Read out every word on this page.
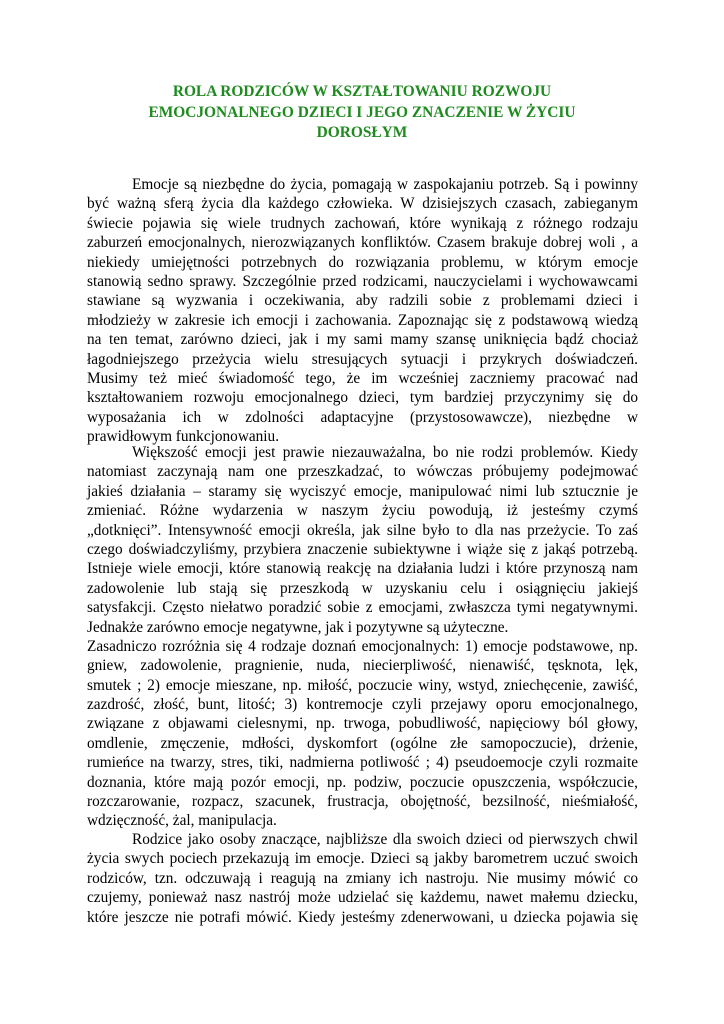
ROLA RODZICÓW W KSZTAŁTOWANIU ROZWOJU
EMOCJONALNEGO DZIECI I JEGO ZNACZENIE W ŻYCIU
DOROSŁYM
Emocje są niezbędne do życia, pomagają w zaspokajaniu potrzeb. Są i powinny
być ważną sferą życia dla każdego człowieka. W dzisiejszych czasach, zabieganym
świecie pojawia się wiele trudnych zachowań, które wynikają z różnego rodzaju
zaburzeń emocjonalnych, nierozwiązanych konfliktów. Czasem brakuje dobrej woli , a
niekiedy umiejętności potrzebnych do rozwiązania problemu, w którym emocje
stanowią sedno sprawy. Szczególnie przed rodzicami, nauczycielami i wychowawcami
stawiane są wyzwania i oczekiwania, aby radzili sobie z problemami dzieci i
młodzieży w zakresie ich emocji i zachowania. Zapoznając się z podstawową wiedzą
na ten temat, zarówno dzieci, jak i my sami mamy szansę uniknięcia bądź chociaż
łagodniejszego przeżycia wielu stresujących sytuacji i przykrych doświadczeń.
Musimy też mieć świadomość tego, że im wcześniej zaczniemy pracować nad
kształtowaniem rozwoju emocjonalnego dzieci, tym bardziej przyczynimy się do
wyposażania ich w zdolności adaptacyjne (przystosowawcze), niezbędne w
prawidłowym funkcjonowaniu.
Większość emocji jest prawie niezauważalna, bo nie rodzi problemów. Kiedy
natomiast zaczynają nam one przeszkadzać, to wówczas próbujemy podejmować
jakieś działania – staramy się wyciszyć emocje, manipulować nimi lub sztucznie je
zmieniać. Różne wydarzenia w naszym życiu powodują, iż jesteśmy czymś
„dotknięci”. Intensywność emocji określa, jak silne było to dla nas przeżycie. To zaś
czego doświadczyliśmy, przybiera znaczenie subiektywne i wiąże się z jakąś potrzebą.
Istnieje wiele emocji, które stanowią reakcję na działania ludzi i które przynoszą nam
zadowolenie lub stają się przeszkodą w uzyskaniu celu i osiągnięciu jakiejś
satysfakcji. Często niełatwo poradzić sobie z emocjami, zwłaszcza tymi negatywnymi.
Jednakże zarówno emocje negatywne, jak i pozytywne są użyteczne.
Zasadniczo rozróżnia się 4 rodzaje doznań emocjonalnych: 1) emocje podstawowe, np.
gniew, zadowolenie, pragnienie, nuda, niecierpliwość, nienawiść, tęsknota, lęk,
smutek ; 2) emocje mieszane, np. miłość, poczucie winy, wstyd, zniechęcenie, zawiść,
zazdrość, złość, bunt, litość; 3) kontremocje czyli przejawy oporu emocjonalnego,
związane z objawami cielesnymi, np. trwoga, pobudliwość, napięciowy ból głowy,
omdlenie, zmęczenie, mdłości, dyskomfort (ogólne złe samopoczucie), drżenie,
rumieńce na twarzy, stres, tiki, nadmierna potliwość ; 4) pseudoemocje czyli rozmaite
doznania, które mają pozór emocji, np. podziw, poczucie opuszczenia, współczucie,
rozczarowanie, rozpacz, szacunek, frustracja, obojętność, bezsilność, nieśmiałość,
wdzięczność, żal, manipulacja.
Rodzice jako osoby znaczące, najbliższe dla swoich dzieci od pierwszych chwil
życia swych pociech przekazują im emocje. Dzieci są jakby barometrem uczuć swoich
rodziców, tzn. odczuwają i reagują na zmiany ich nastroju. Nie musimy mówić co
czujemy, ponieważ nasz nastrój może udzielać się każdemu, nawet małemu dziecku,
które jeszcze nie potrafi mówić. Kiedy jesteśmy zdenerwowani, u dziecka pojawia się
